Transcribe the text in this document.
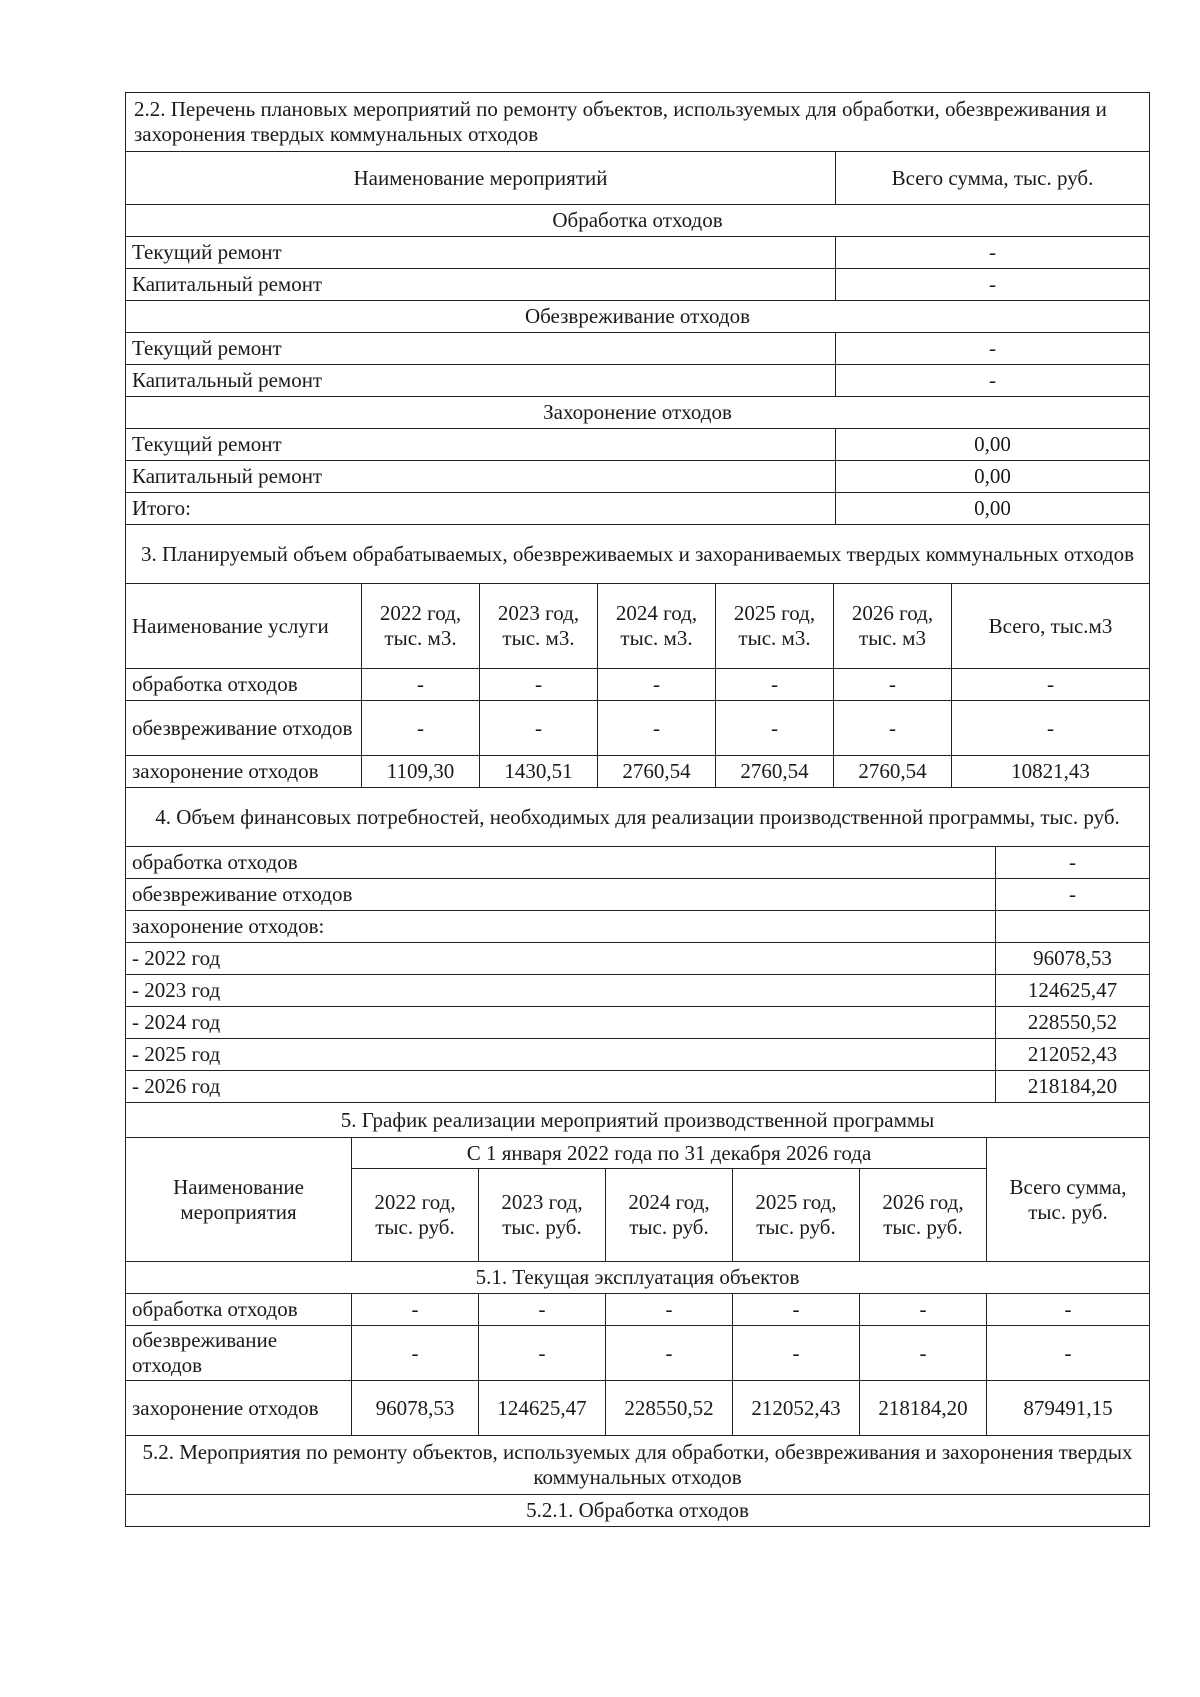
2.2. Перечень плановых мероприятий по ремонту объектов, используемых для обработки, обезвреживания и захоронения твердых коммунальных отходов	
Наименование мероприятий	Всего сумма, тыс. руб.
Обработка отходов	
Текущий ремонт	-
Капитальный ремонт	-
Обезвреживание отходов	
Текущий ремонт	-
Капитальный ремонт	-
Захоронение отходов	
Текущий ремонт	0,00
Капитальный ремонт	0,00
Итого:	0,00
3. Планируемый объем обрабатываемых, обезвреживаемых и захораниваемых твердых коммунальных отходов						
Наименование услуги	2022 год, тыс. м3.	2023 год, тыс. м3.	2024 год, тыс. м3.	2025 год, тыс. м3.	2026 год, тыс. м3	Всего, тыс.м3
обработка отходов	-	-	-	-	-	-
обезвреживание отходов	-	-	-	-	-	-
захоронение отходов	1109,30	1430,51	2760,54	2760,54	2760,54	10821,43
4. Объем финансовых потребностей, необходимых для реализации производственной программы, тыс. руб.	
обработка отходов	-
обезвреживание отходов	-
захоронение отходов:	
- 2022 год	96078,53
- 2023 год	124625,47
- 2024 год	228550,52
- 2025 год	212052,43
- 2026 год	218184,20
5. График реализации мероприятий производственной программы						
Наименование мероприятия	С 1 января 2022 года по 31 декабря 2026 года					Всего сумма, тыс. руб.
	2022 год, тыс. руб.	2023 год, тыс. руб.	2024 год, тыс. руб.	2025 год, тыс. руб.	2026 год, тыс. руб.	
5.1. Текущая эксплуатация объектов						
обработка отходов	-	-	-	-	-	-
обезвреживание отходов	-	-	-	-	-	-
захоронение отходов	96078,53	124625,47	228550,52	212052,43	218184,20	879491,15
5.2. Мероприятия по ремонту объектов, используемых для обработки, обезвреживания и захоронения твердых коммунальных отходов						
5.2.1. Обработка отходов						
